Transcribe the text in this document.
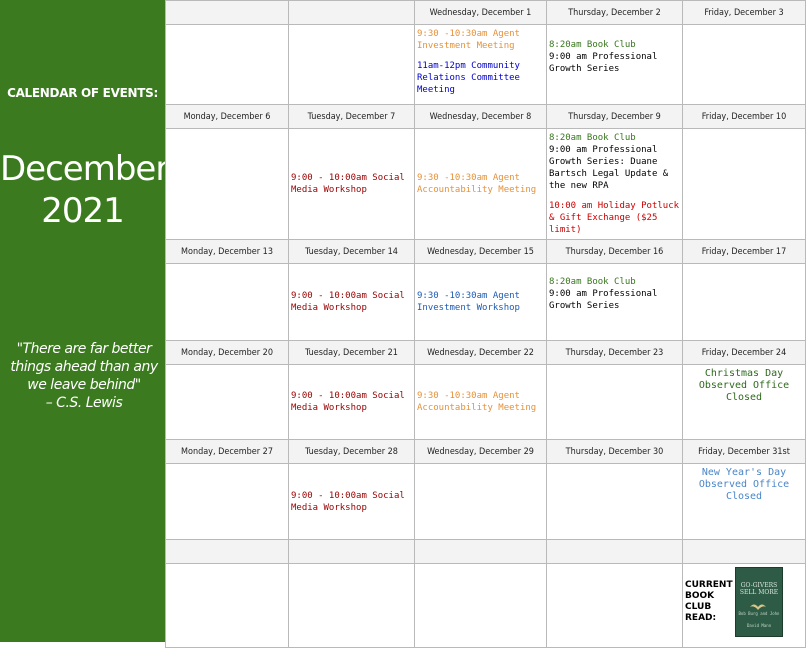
CALENDAR OF EVENTS:
December
2021
"There are far better things ahead than any we leave behind"
– C.S. Lewis
		Wednesday, December 1	Thursday, December 2	Friday, December 3

		9:30 -10:30am Agent Investment Meeting
11am-12pm Community Relations Committee Meeting	8:20am Book Club
9:00 am Professional Growth Series	

Monday, December 6	Tuesday, December 7	Wednesday, December 8	Thursday, December 9	Friday, December 10
	9:00 - 10:00am Social Media Workshop	9:30 -10:30am Agent Accountability Meeting	8:20am Book Club
9:00 am Professional Growth Series: Duane Bartsch Legal Update & the new RPA
10:00 am Holiday Potluck & Gift Exchange ($25 limit)	

Monday, December 13	Tuesday, December 14	Wednesday, December 15	Thursday, December 16	Friday, December 17
	9:00 - 10:00am Social Media Workshop	9:30 -10:30am Agent Investment Workshop	8:20am Book Club
9:00 am Professional Growth Series	

Monday, December 20	Tuesday, December 21	Wednesday, December 22	Thursday, December 23	Friday, December 24
	9:00 - 10:00am Social Media Workshop	9:30 -10:30am Agent Accountability Meeting		Christmas Day Observed Office Closed
Monday, December 27	Tuesday, December 28	Wednesday, December 29	Thursday, December 30	Friday, December 31st
	9:00 - 10:00am Social Media Workshop			New Year's Day Observed Office Closed

				CURRENT BOOK CLUB READ:
GO-GIVERS SELL MORE
Bob Burg and John David Mann
